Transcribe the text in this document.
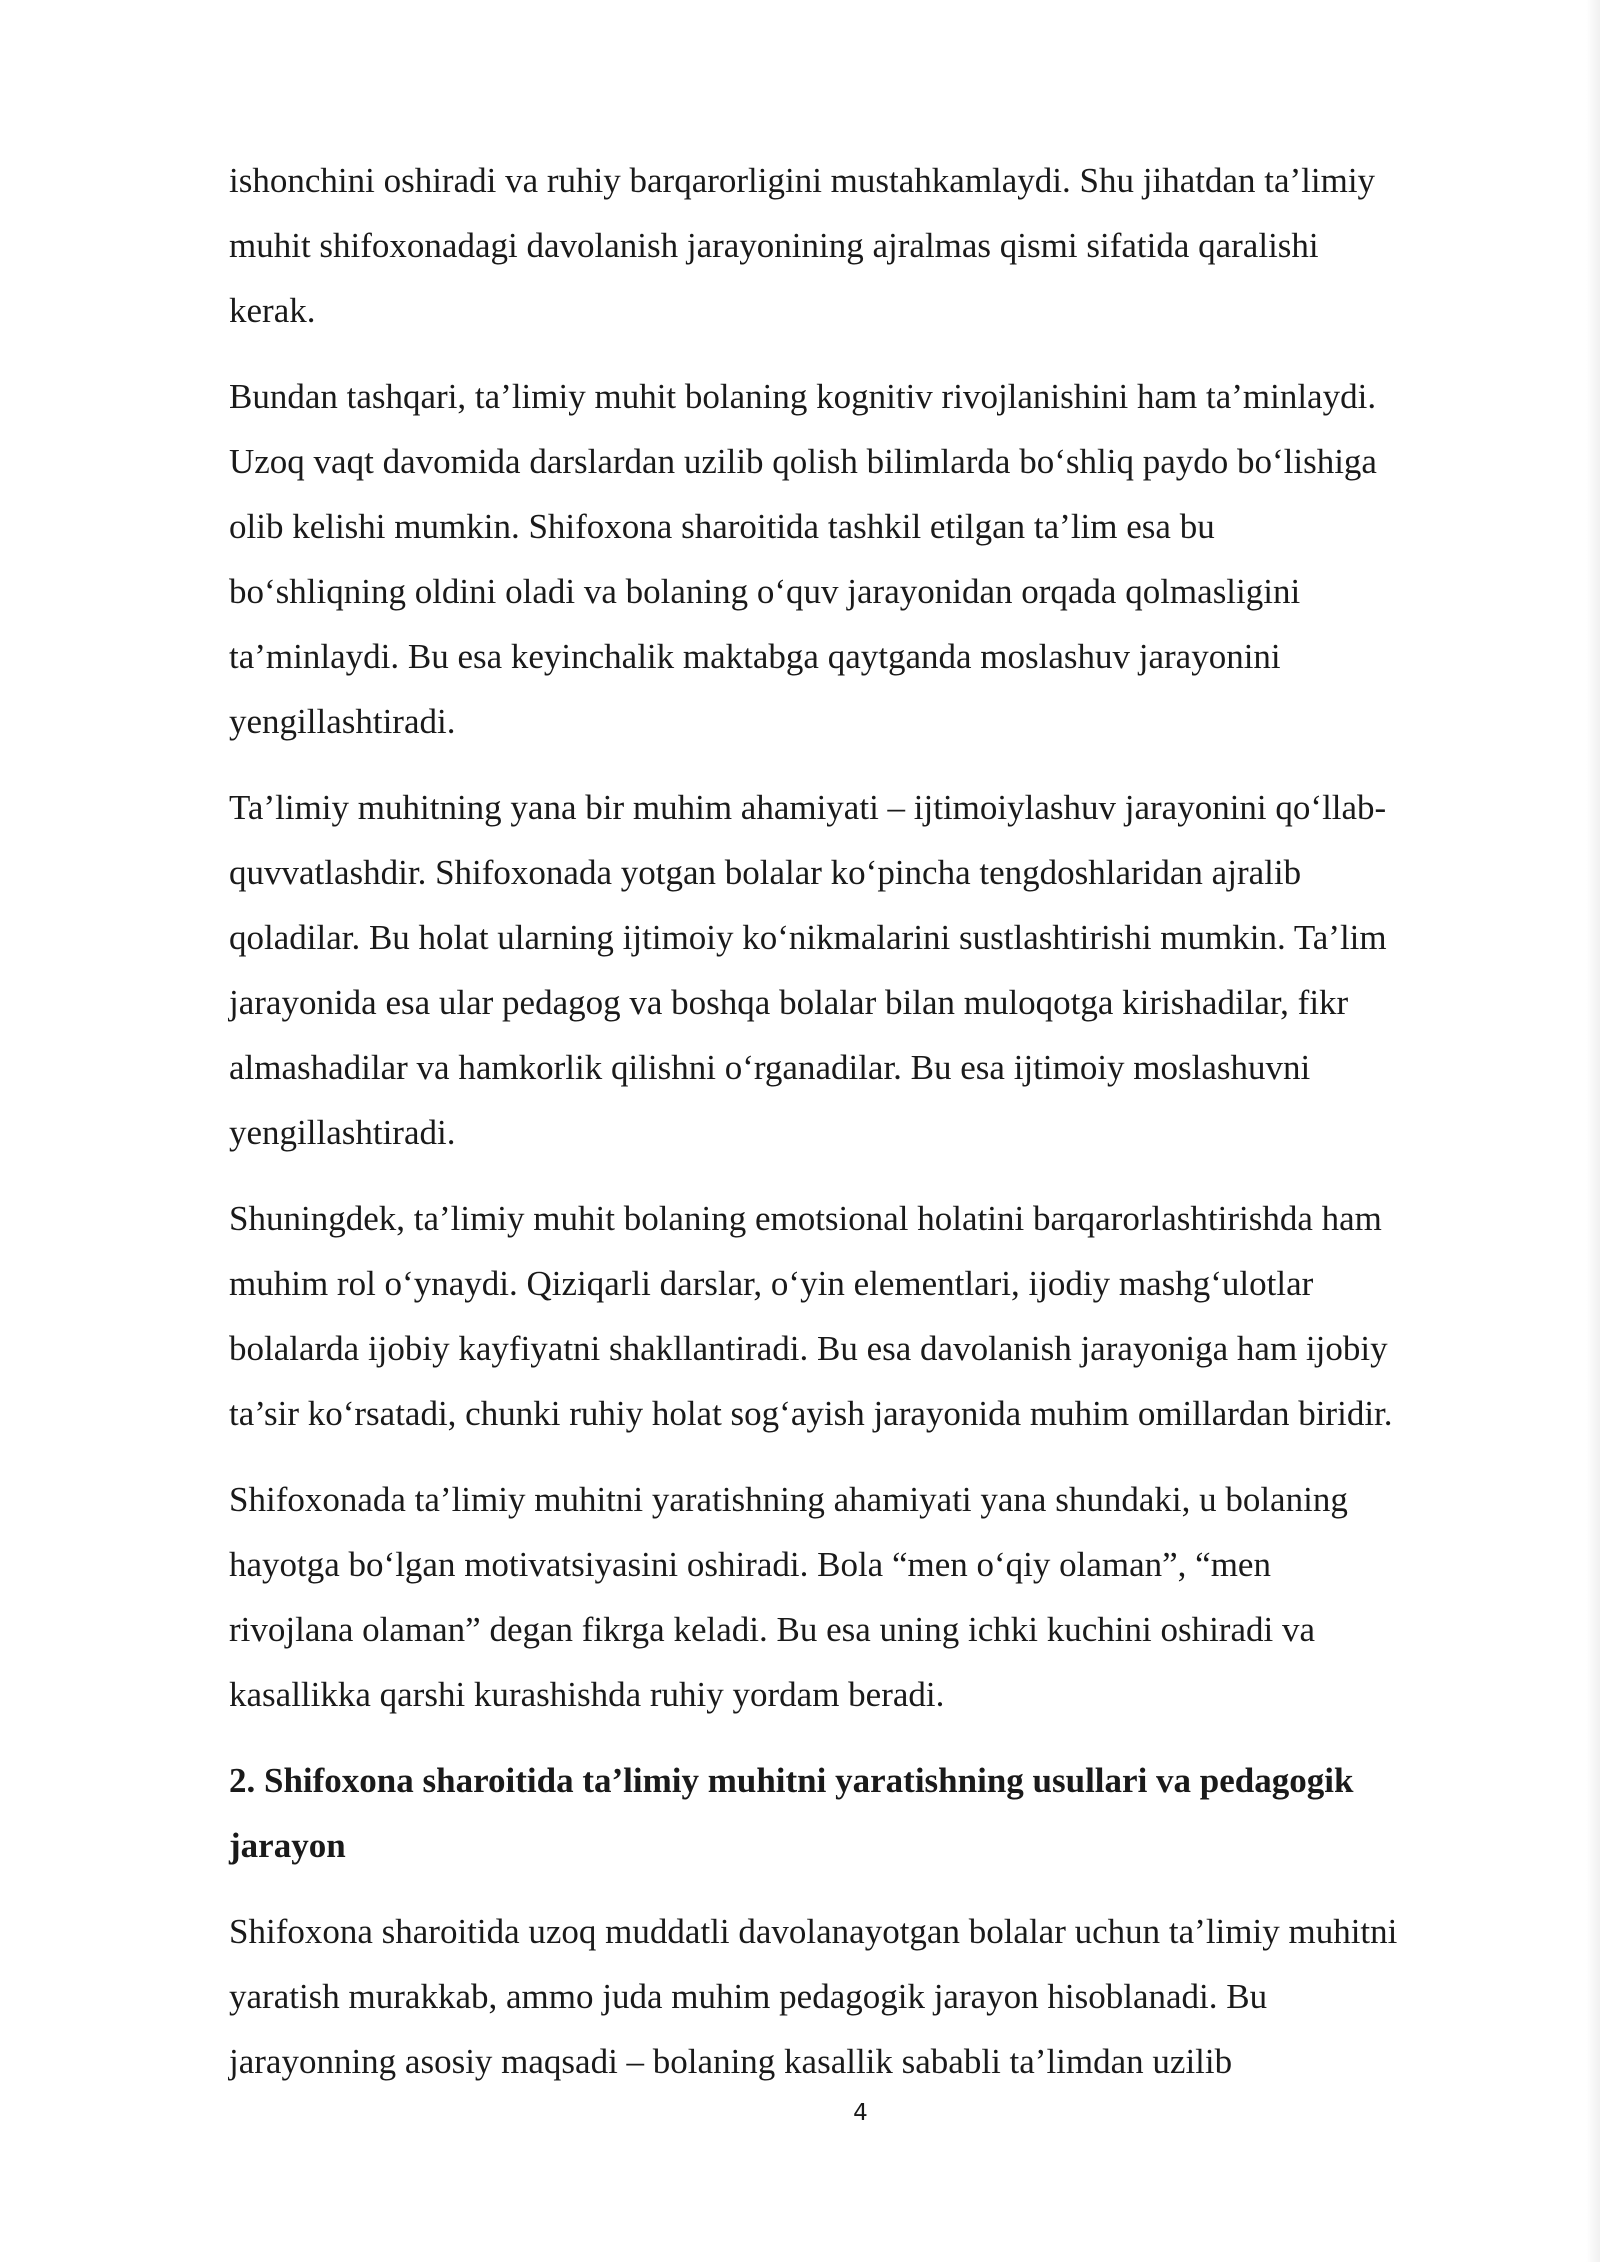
ishonchini oshiradi va ruhiy barqarorligini mustahkamlaydi. Shu jihatdan ta’limiy
muhit shifoxonadagi davolanish jarayonining ajralmas qismi sifatida qaralishi
kerak.

Bundan tashqari, ta’limiy muhit bolaning kognitiv rivojlanishini ham ta’minlaydi.
Uzoq vaqt davomida darslardan uzilib qolish bilimlarda bo‘shliq paydo bo‘lishiga
olib kelishi mumkin. Shifoxona sharoitida tashkil etilgan ta’lim esa bu
bo‘shliqning oldini oladi va bolaning o‘quv jarayonidan orqada qolmasligini
ta’minlaydi. Bu esa keyinchalik maktabga qaytganda moslashuv jarayonini
yengillashtiradi.

Ta’limiy muhitning yana bir muhim ahamiyati – ijtimoiylashuv jarayonini qo‘llab-
quvvatlashdir. Shifoxonada yotgan bolalar ko‘pincha tengdoshlaridan ajralib
qoladilar. Bu holat ularning ijtimoiy ko‘nikmalarini sustlashtirishi mumkin. Ta’lim
jarayonida esa ular pedagog va boshqa bolalar bilan muloqotga kirishadilar, fikr
almashadilar va hamkorlik qilishni o‘rganadilar. Bu esa ijtimoiy moslashuvni
yengillashtiradi.

Shuningdek, ta’limiy muhit bolaning emotsional holatini barqarorlashtirishda ham
muhim rol o‘ynaydi. Qiziqarli darslar, o‘yin elementlari, ijodiy mashg‘ulotlar
bolalarda ijobiy kayfiyatni shakllantiradi. Bu esa davolanish jarayoniga ham ijobiy
ta’sir ko‘rsatadi, chunki ruhiy holat sog‘ayish jarayonida muhim omillardan biridir.

Shifoxonada ta’limiy muhitni yaratishning ahamiyati yana shundaki, u bolaning
hayotga bo‘lgan motivatsiyasini oshiradi. Bola “men o‘qiy olaman”, “men
rivojlana olaman” degan fikrga keladi. Bu esa uning ichki kuchini oshiradi va
kasallikka qarshi kurashishda ruhiy yordam beradi.

2. Shifoxona sharoitida ta’limiy muhitni yaratishning usullari va pedagogik
jarayon

Shifoxona sharoitida uzoq muddatli davolanayotgan bolalar uchun ta’limiy muhitni
yaratish murakkab, ammo juda muhim pedagogik jarayon hisoblanadi. Bu
jarayonning asosiy maqsadi – bolaning kasallik sababli ta’limdan uzilib

4
